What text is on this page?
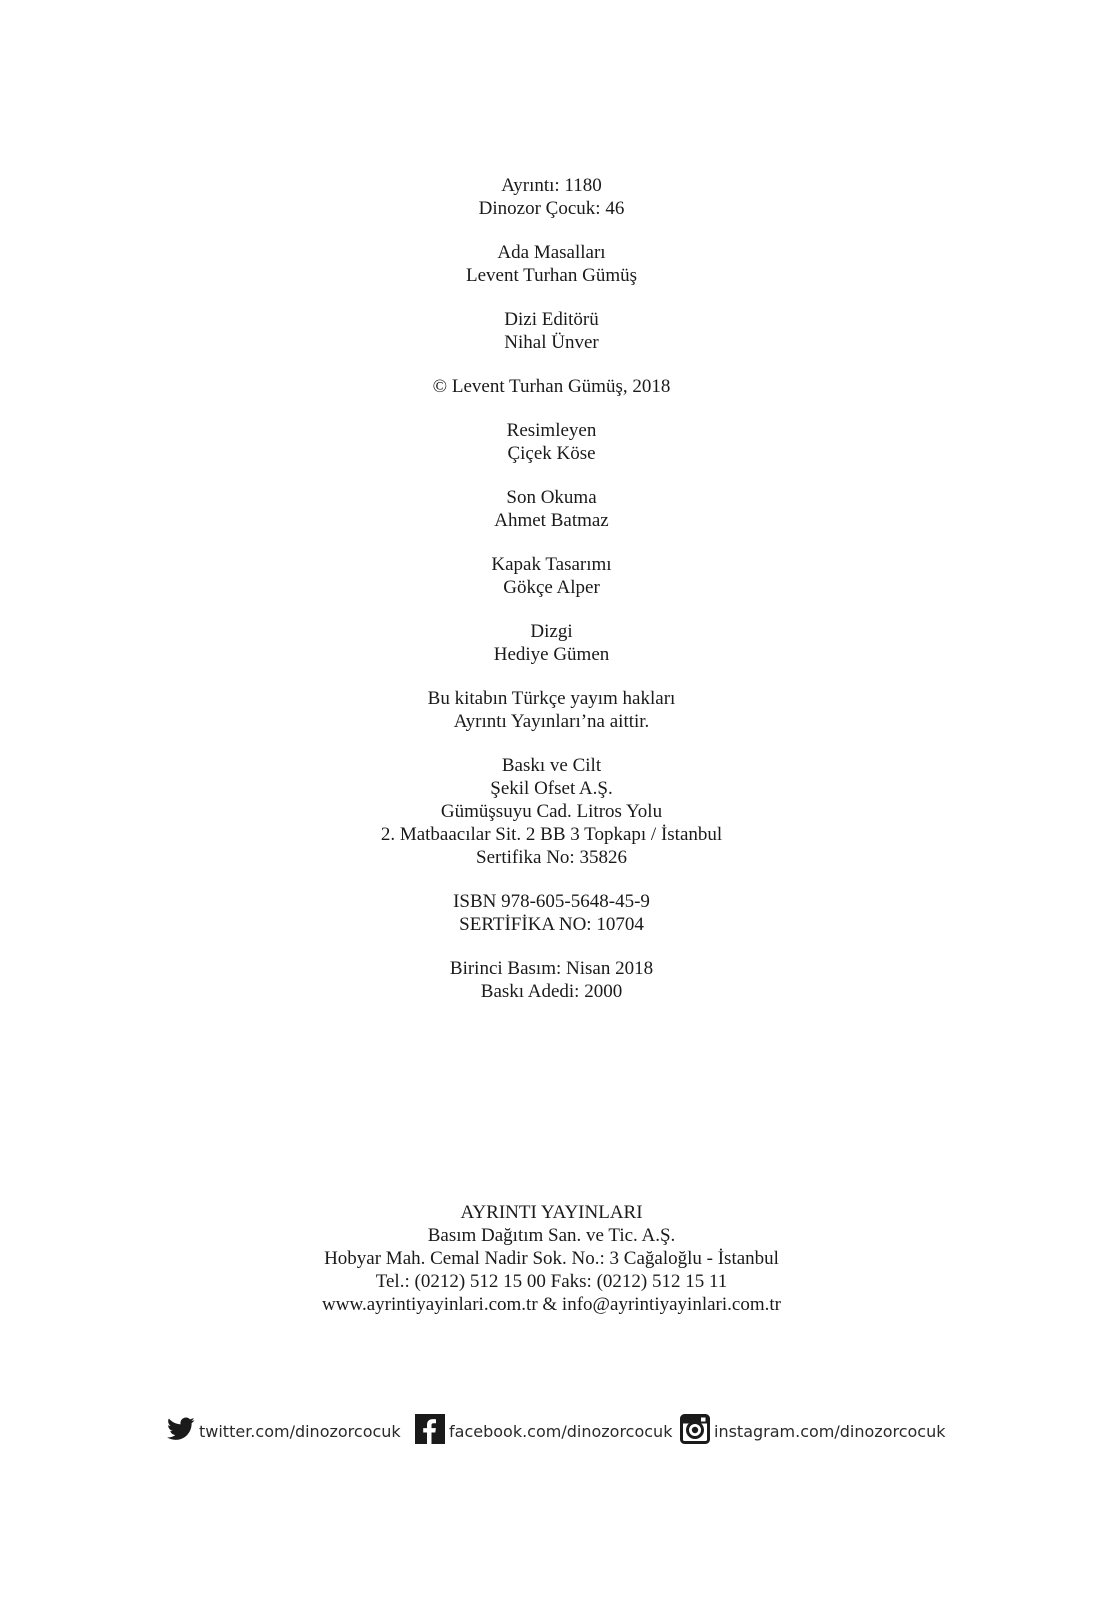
Ayrıntı: 1180
Dinozor Çocuk: 46
Ada Masalları
Levent Turhan Gümüş
Dizi Editörü
Nihal Ünver
© Levent Turhan Gümüş, 2018
Resimleyen
Çiçek Köse
Son Okuma
Ahmet Batmaz
Kapak Tasarımı
Gökçe Alper
Dizgi
Hediye Gümen
Bu kitabın Türkçe yayım hakları
Ayrıntı Yayınları’na aittir.
Baskı ve Cilt
Şekil Ofset A.Ş.
Gümüşsuyu Cad. Litros Yolu
2. Matbaacılar Sit. 2 BB 3 Topkapı / İstanbul
Sertifika No: 35826
ISBN 978-605-5648-45-9
SERTİFİKA NO: 10704
Birinci Basım: Nisan 2018
Baskı Adedi: 2000
AYRINTI YAYINLARI
Basım Dağıtım San. ve Tic. A.Ş.
Hobyar Mah. Cemal Nadir Sok. No.: 3 Cağaloğlu - İstanbul
Tel.: (0212) 512 15 00 Faks: (0212) 512 15 11
www.ayrintiyayinlari.com.tr & info@ayrintiyayinlari.com.tr
twitter.com/dinozorcocuk	facebook.com/dinozorcocuk	instagram.com/dinozorcocuk
